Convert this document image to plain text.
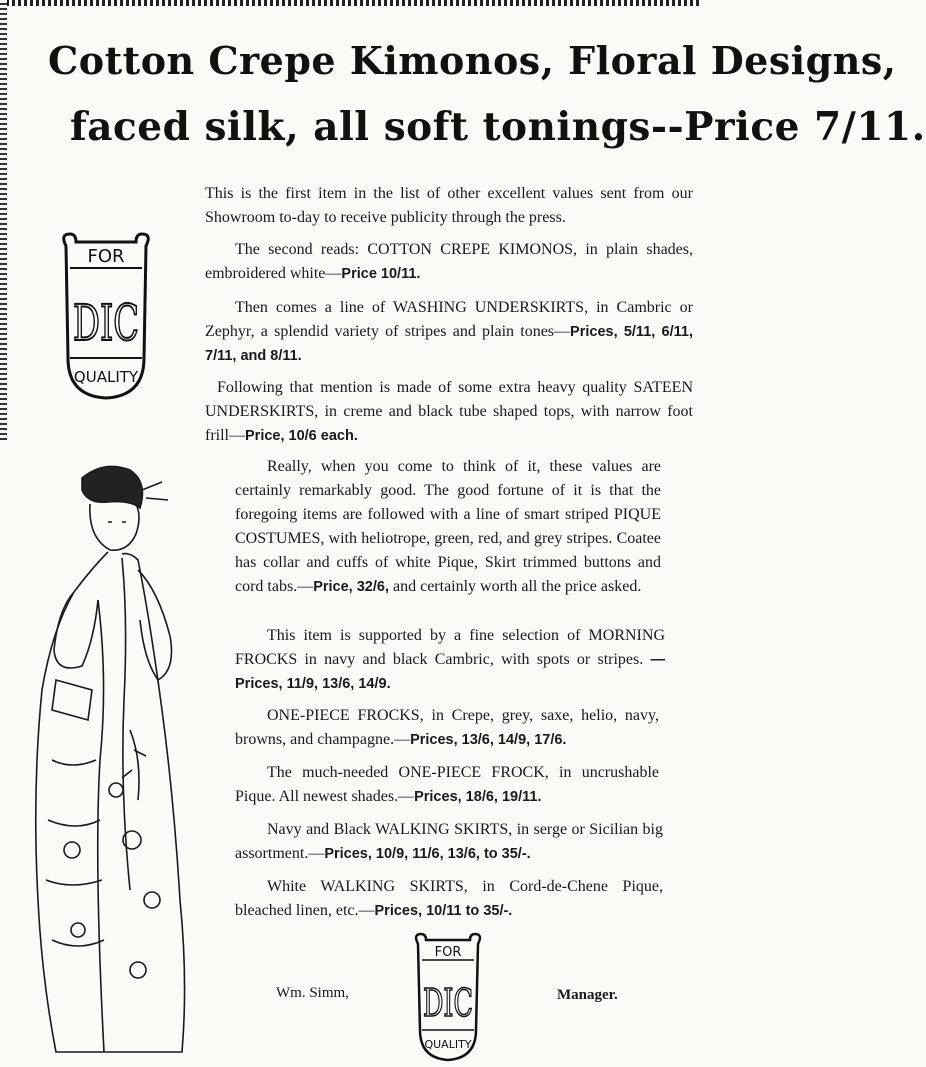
Cotton Crepe Kimonos, Floral Designs,
faced silk, all soft tonings--Price 7/11.
FOR
DIC
QUALITY
This is the first item in the list of other excellent values sent from our Showroom to-day to receive publicity through the press.
The second reads: COTTON CREPE KIMONOS, in plain shades, embroidered white—Price 10/11.
Then comes a line of WASHING UNDERSKIRTS, in Cambric or Zephyr, a splendid variety of stripes and plain tones—Prices, 5/11, 6/11, 7/11, and 8/11.
Following that mention is made of some extra heavy quality SATEEN UNDERSKIRTS, in creme and black tube shaped tops, with narrow foot frill—Price, 10/6 each.
Really, when you come to think of it, these values are certainly remarkably good. The good fortune of it is that the foregoing items are followed with a line of smart striped PIQUE COSTUMES, with heliotrope, green, red, and grey stripes. Coatee has collar and cuffs of white Pique, Skirt trimmed buttons and cord tabs.—Price, 32/6, and certainly worth all the price asked.
This item is supported by a fine selection of MORNING FROCKS in navy and black Cambric, with spots or stripes. —Prices, 11/9, 13/6, 14/9.
ONE-PIECE FROCKS, in Crepe, grey, saxe, helio, navy, browns, and champagne.—Prices, 13/6, 14/9, 17/6.
The much-needed ONE-PIECE FROCK, in uncrushable Pique. All newest shades.—Prices, 18/6, 19/11.
Navy and Black WALKING SKIRTS, in serge or Sicilian big assortment.—Prices, 10/9, 11/6, 13/6, to 35/-.
White WALKING SKIRTS, in Cord-de-Chene Pique, bleached linen, etc.—Prices, 10/11 to 35/-.
Wm. Simm,
FOR
DIC
QUALITY
Manager.
